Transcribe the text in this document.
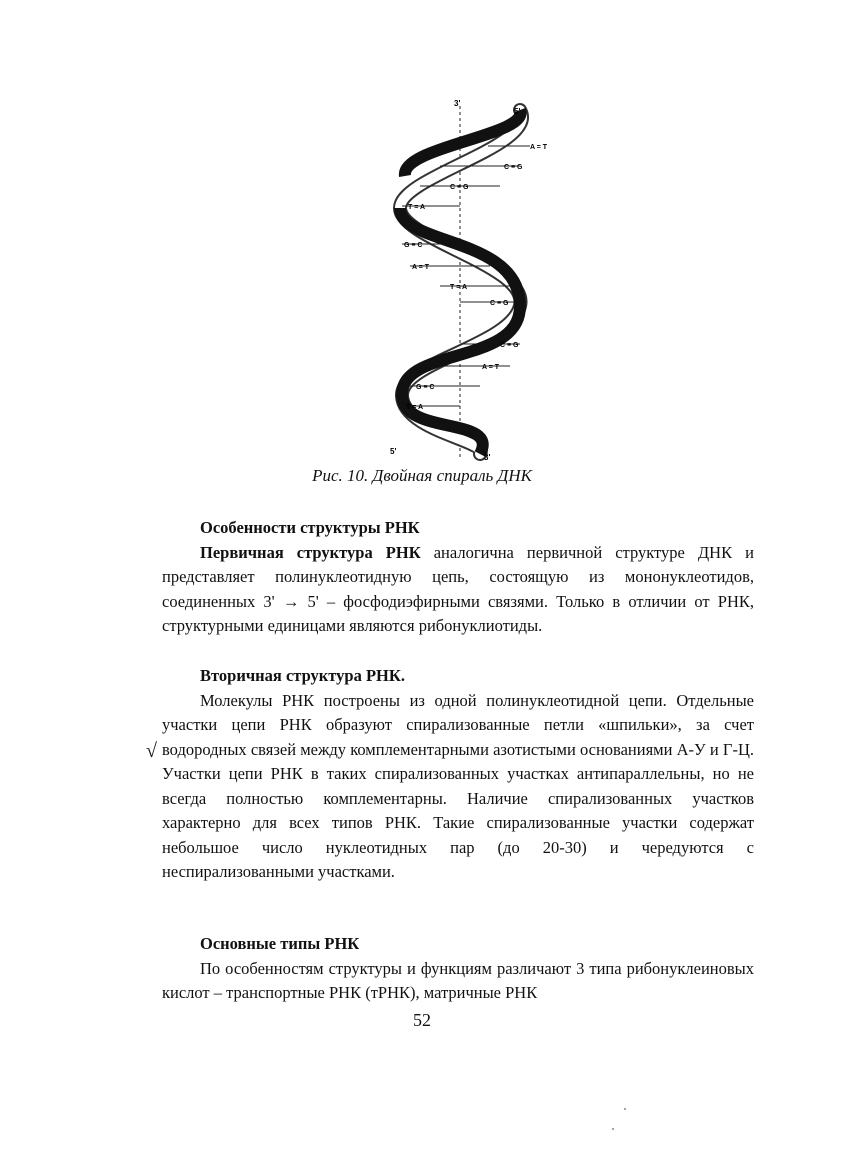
A = T
C ≡ G
C ≡ G
T = A
G ≡ C
A = T
T = A
C ≡ G
C ≡ G
A = T
G ≡ C
T = A
3'
5'
5'
3'
Рис. 10. Двойная спираль ДНК

Особенности структуры РНК

Первичная структура РНК аналогична первичной структуре ДНК и представляет полинуклеотидную цепь, состоящую из мононуклеотидов, соединенных 3' → 5' – фосфодиэфирными связями. Только в отличии от РНК, структурными единицами являются рибонуклиотиды.

Вторичная структура РНК.

Молекулы РНК построены из одной полинуклеотидной цепи. Отдельные участки цепи РНК образуют спирализованные петли «шпильки», за счет водородных связей между комплементарными азотистыми основаниями А-У и Г-Ц. Участки цепи РНК в таких спирализованных участках антипараллельны, но не всегда полностью комплементарны. Наличие спирализованных участков характерно для всех типов РНК. Такие спирализованные участки содержат небольшое число нуклеотидных пар (до 20-30) и чередуются с неспирализованными участками.

√

Основные типы РНК

По особенностям структуры и функциям различают 3 типа рибонуклеиновых кислот – транспортные РНК (тРНК), матричные РНК

52
